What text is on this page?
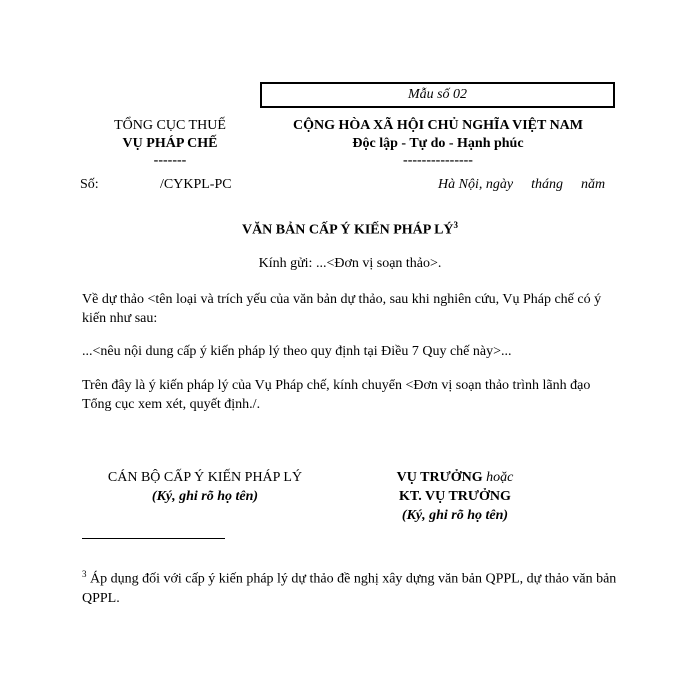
Mẫu số 02
TỔNG CỤC THUẾ
VỤ PHÁP CHẾ
-------
CỘNG HÒA XÃ HỘI CHỦ NGHĨA VIỆT NAM
Độc lập - Tự do - Hạnh phúc
---------------
Số:	/CYKPL-PC	Hà Nội, ngày tháng năm
VĂN BẢN CẤP Ý KIẾN PHÁP $LÝ^3$
Kính gửi: ...<Đơn vị soạn thảo>.
Về dự thảo <tên loại và trích yếu của văn bản dự thảo, sau khi nghiên cứu, Vụ Pháp chế có ý kiến như sau:
...<nêu nội dung cấp ý kiến pháp lý theo quy định tại Điều 7 Quy chế này>...
Trên đây là ý kiến pháp lý của Vụ Pháp chế, kính chuyển <Đơn vị soạn thảo trình lãnh đạo Tổng cục xem xét, quyết định./.
CÁN BỘ CẤP Ý KIẾN PHÁP LÝ
(Ký, ghi rõ họ tên)
VỤ TRƯỞNG hoặc
KT. VỤ TRƯỞNG
(Ký, ghi rõ họ tên)
$^3$ Áp dụng đối với cấp ý kiến pháp lý dự thảo đề nghị xây dựng văn bản QPPL, dự thảo văn bản QPPL.
